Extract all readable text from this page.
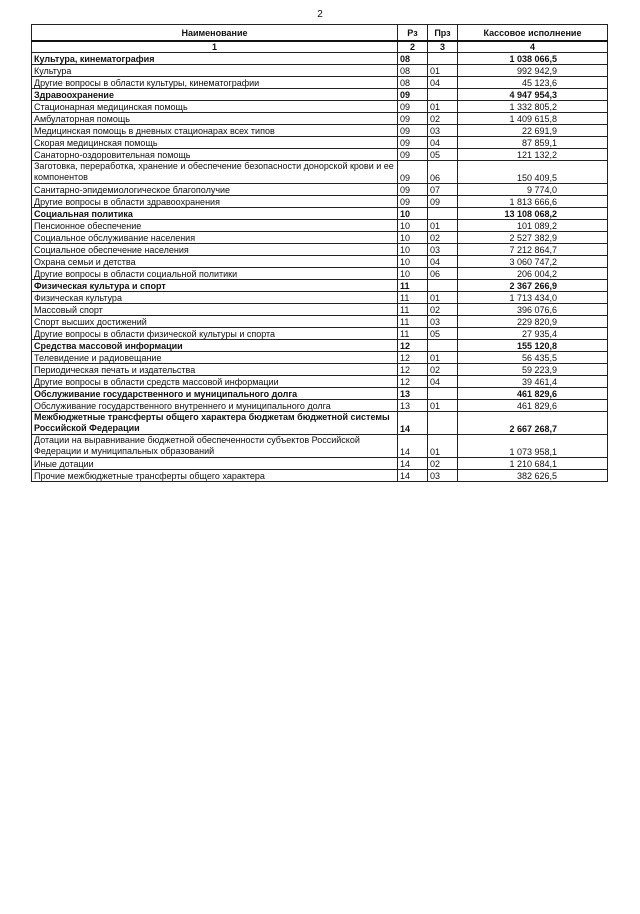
2
Наименование	Рз	Прз	Кассовое исполнение
1	2	3	4
Культура, кинематография	08		1 038 066,5
Культура	08	01	992 942,9
Другие вопросы в области культуры, кинематографии	08	04	45 123,6
Здравоохранение	09		4 947 954,3
Стационарная медицинская помощь	09	01	1 332 805,2
Амбулаторная помощь	09	02	1 409 615,8
Медицинская помощь в дневных стационарах всех типов	09	03	22 691,9
Скорая медицинская помощь	09	04	87 859,1
Санаторно-оздоровительная помощь	09	05	121 132,2
Заготовка, переработка, хранение и обеспечение безопасности донорской крови и ее компонентов	09	06	150 409,5
Санитарно-эпидемиологическое благополучие	09	07	9 774,0
Другие вопросы в области здравоохранения	09	09	1 813 666,6
Социальная политика	10		13 108 068,2
Пенсионное обеспечение	10	01	101 089,2
Социальное обслуживание населения	10	02	2 527 382,9
Социальное обеспечение населения	10	03	7 212 864,7
Охрана семьи и детства	10	04	3 060 747,2
Другие вопросы в области социальной политики	10	06	206 004,2
Физическая культура и спорт	11		2 367 266,9
Физическая культура	11	01	1 713 434,0
Массовый спорт	11	02	396 076,6
Спорт высших достижений	11	03	229 820,9
Другие вопросы в области физической культуры и спорта	11	05	27 935,4
Средства массовой информации	12		155 120,8
Телевидение и радиовещание	12	01	56 435,5
Периодическая печать и издательства	12	02	59 223,9
Другие вопросы в области средств массовой информации	12	04	39 461,4
Обслуживание государственного и муниципального долга	13		461 829,6
Обслуживание государственного внутреннего и муниципального долга	13	01	461 829,6
Межбюджетные трансферты общего характера бюджетам бюджетной системы Российской Федерации	14		2 667 268,7
Дотации на выравнивание бюджетной обеспеченности субъектов Российской Федерации и муниципальных образований	14	01	1 073 958,1
Иные дотации	14	02	1 210 684,1
Прочие межбюджетные трансферты общего характера	14	03	382 626,5
